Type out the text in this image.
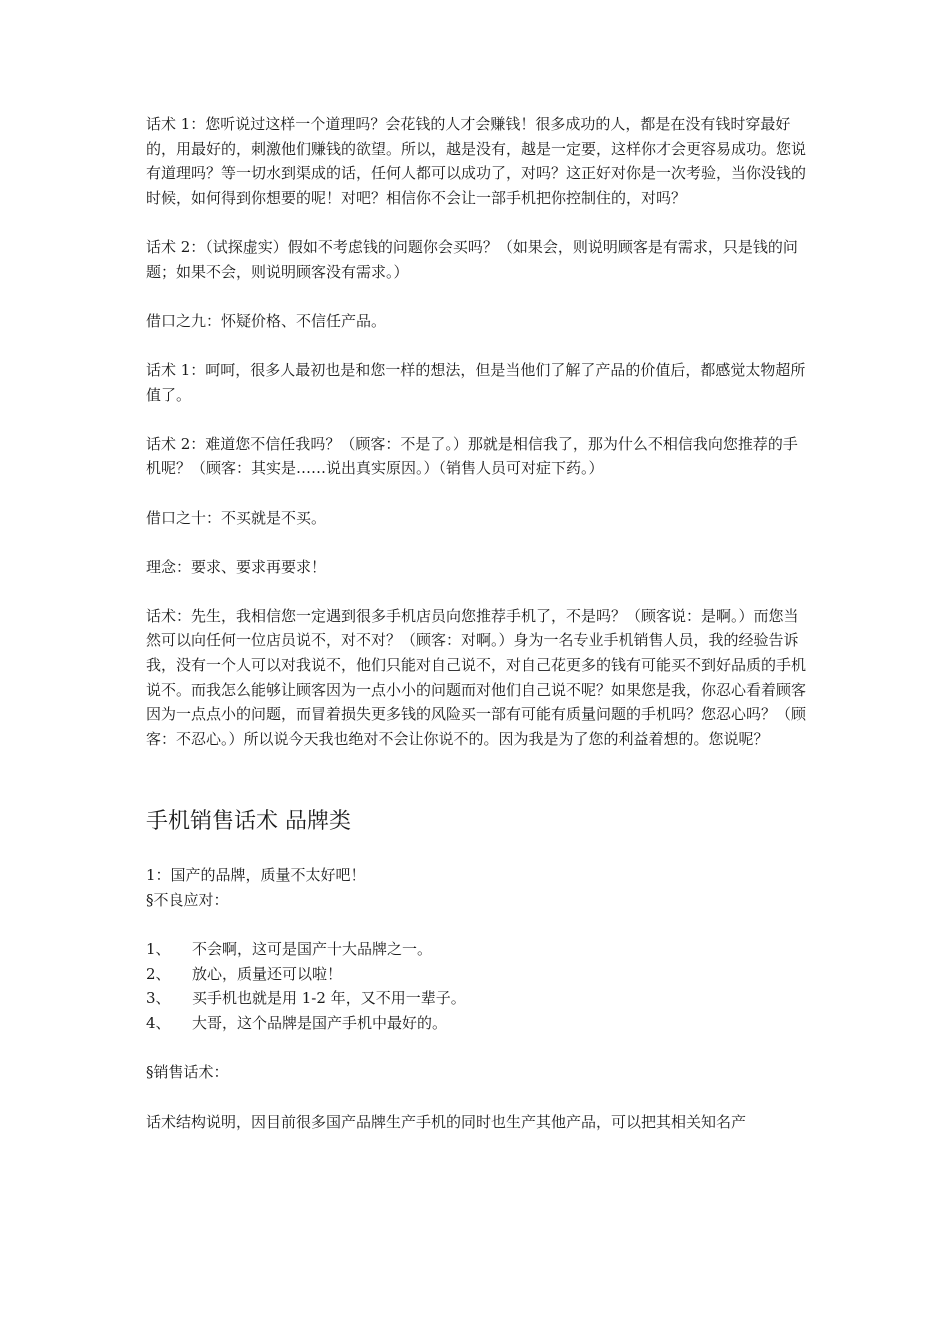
话术 1：您听说过这样一个道理吗？会花钱的人才会赚钱！很多成功的人，都是在没有钱时穿最好的，用最好的，刺激他们赚钱的欲望。所以，越是没有，越是一定要，这样你才会更容易成功。您说有道理吗？等一切水到渠成的话，任何人都可以成功了，对吗？这正好对你是一次考验，当你没钱的时候，如何得到你想要的呢！对吧？相信你不会让一部手机把你控制住的，对吗？

话术 2：（试探虚实）假如不考虑钱的问题你会买吗？（如果会，则说明顾客是有需求，只是钱的问题；如果不会，则说明顾客没有需求。）

借口之九：怀疑价格、不信任产品。

话术 1：呵呵，很多人最初也是和您一样的想法，但是当他们了解了产品的价值后，都感觉太物超所值了。

话术 2：难道您不信任我吗？（顾客：不是了。）那就是相信我了，那为什么不相信我向您推荐的手机呢？（顾客：其实是……说出真实原因。）（销售人员可对症下药。）

借口之十：不买就是不买。

理念：要求、要求再要求！

话术：先生，我相信您一定遇到很多手机店员向您推荐手机了，不是吗？（顾客说：是啊。）而您当然可以向任何一位店员说不，对不对？（顾客：对啊。）身为一名专业手机销售人员，我的经验告诉我，没有一个人可以对我说不，他们只能对自己说不，对自己花更多的钱有可能买不到好品质的手机说不。而我怎么能够让顾客因为一点小小的问题而对他们自己说不呢？如果您是我，你忍心看着顾客因为一点点小的问题，而冒着损失更多钱的风险买一部有可能有质量问题的手机吗？您忍心吗？（顾客：不忍心。）所以说今天我也绝对不会让你说不的。因为我是为了您的利益着想的。您说呢？

手机销售话术 品牌类

1：国产的品牌，质量不太好吧！

§不良应对：

1、	不会啊，这可是国产十大品牌之一。
2、	放心，质量还可以啦！
3、	买手机也就是用 1-2 年，又不用一辈子。
4、	大哥，这个品牌是国产手机中最好的。

§销售话术：

话术结构说明，因目前很多国产品牌生产手机的同时也生产其他产品，可以把其相关知名产
